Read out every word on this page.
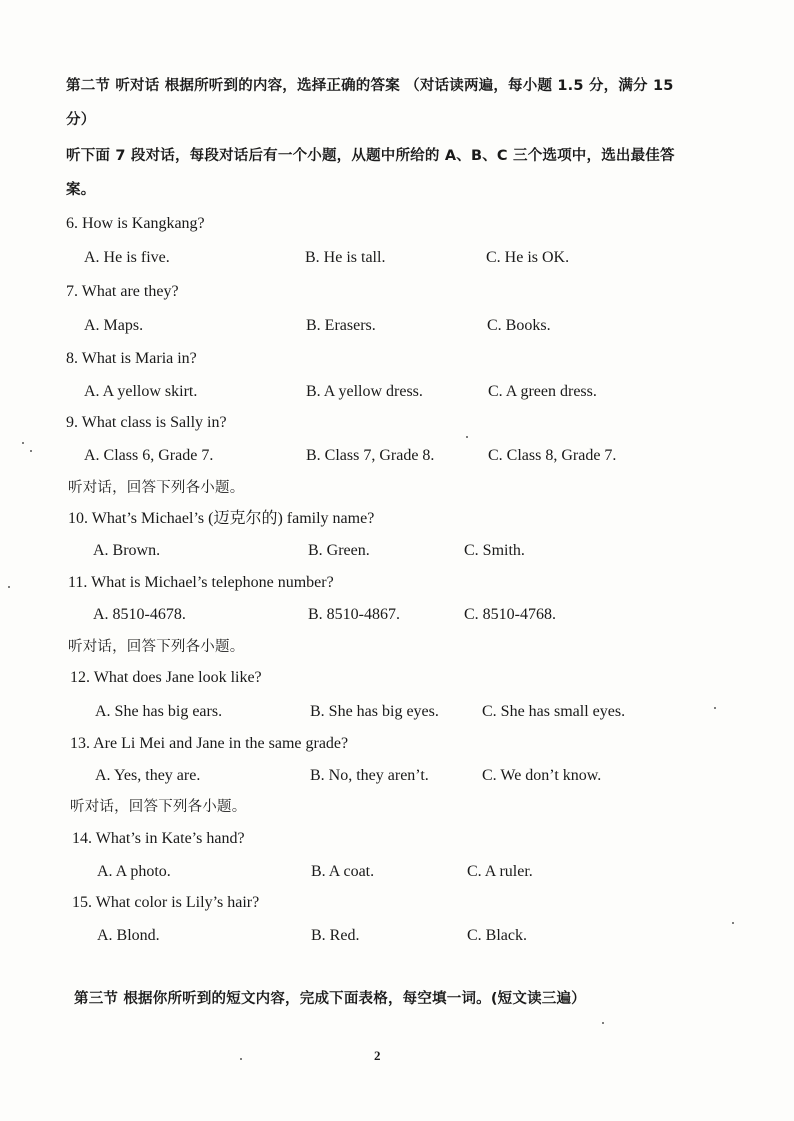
第二节 听对话 根据所听到的内容，选择正确的答案 （对话读两遍，每小题 1.5 分，满分 15
分）
听下面 7 段对话，每段对话后有一个小题，从题中所给的 A、B、C 三个选项中，选出最佳答
案。
6. How is Kangkang?
A. He is five.	B. He is tall.	C. He is OK.
7. What are they?
A. Maps.	B. Erasers.	C. Books.
8. What is Maria in?
A. A yellow skirt.	B. A yellow dress.	C. A green dress.
9. What class is Sally in?
A. Class 6, Grade 7.	B. Class 7, Grade 8.	C. Class 8, Grade 7.
听对话，回答下列各小题。
10. What’s Michael’s (迈克尔的) family name?
A. Brown.	B. Green.	C. Smith.
11. What is Michael’s telephone number?
A. 8510-4678.	B. 8510-4867.	C. 8510-4768.
听对话，回答下列各小题。
12. What does Jane look like?
A. She has big ears.	B. She has big eyes.	C. She has small eyes.
13. Are Li Mei and Jane in the same grade?
A. Yes, they are.	B. No, they aren’t.	C. We don’t know.
听对话，回答下列各小题。
14. What’s in Kate’s hand?
A. A photo.	B. A coat.	C. A ruler.
15. What color is Lily’s hair?
A. Blond.	B. Red.	C. Black.
第三节 根据你所听到的短文内容，完成下面表格，每空填一词。(短文读三遍）
2
